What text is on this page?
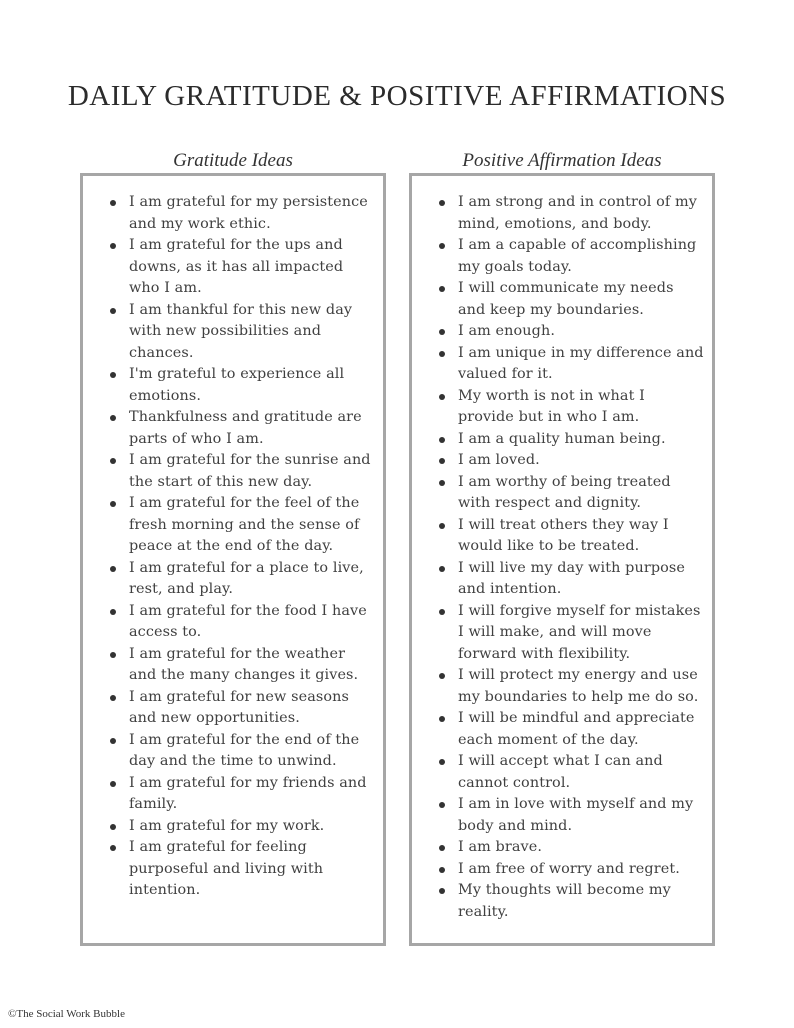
DAILY GRATITUDE & POSITIVE AFFIRMATIONS
Gratitude Ideas	Positive Affirmation Ideas
I am grateful for my persistence and my work ethic.
I am grateful for the ups and downs, as it has all impacted who I am.
I am thankful for this new day with new possibilities and chances.
I'm grateful to experience all emotions.
Thankfulness and gratitude are parts of who I am.
I am grateful for the sunrise and the start of this new day.
I am grateful for the feel of the fresh morning and the sense of peace at the end of the day.
I am grateful for a place to live, rest, and play.
I am grateful for the food I have access to.
I am grateful for the weather and the many changes it gives.
I am grateful for new seasons and new opportunities.
I am grateful for the end of the day and the time to unwind.
I am grateful for my friends and family.
I am grateful for my work.
I am grateful for feeling purposeful and living with intention.
I am strong and in control of my mind, emotions, and body.
I am a capable of accomplishing my goals today.
I will communicate my needs and keep my boundaries.
I am enough.
I am unique in my difference and valued for it.
My worth is not in what I provide but in who I am.
I am a quality human being.
I am loved.
I am worthy of being treated with respect and dignity.
I will treat others they way I would like to be treated.
I will live my day with purpose and intention.
I will forgive myself for mistakes I will make, and will move forward with flexibility.
I will protect my energy and use my boundaries to help me do so.
I will be mindful and appreciate each moment of the day.
I will accept what I can and cannot control.
I am in love with myself and my body and mind.
I am brave.
I am free of worry and regret.
My thoughts will become my reality.
©The Social Work Bubble
